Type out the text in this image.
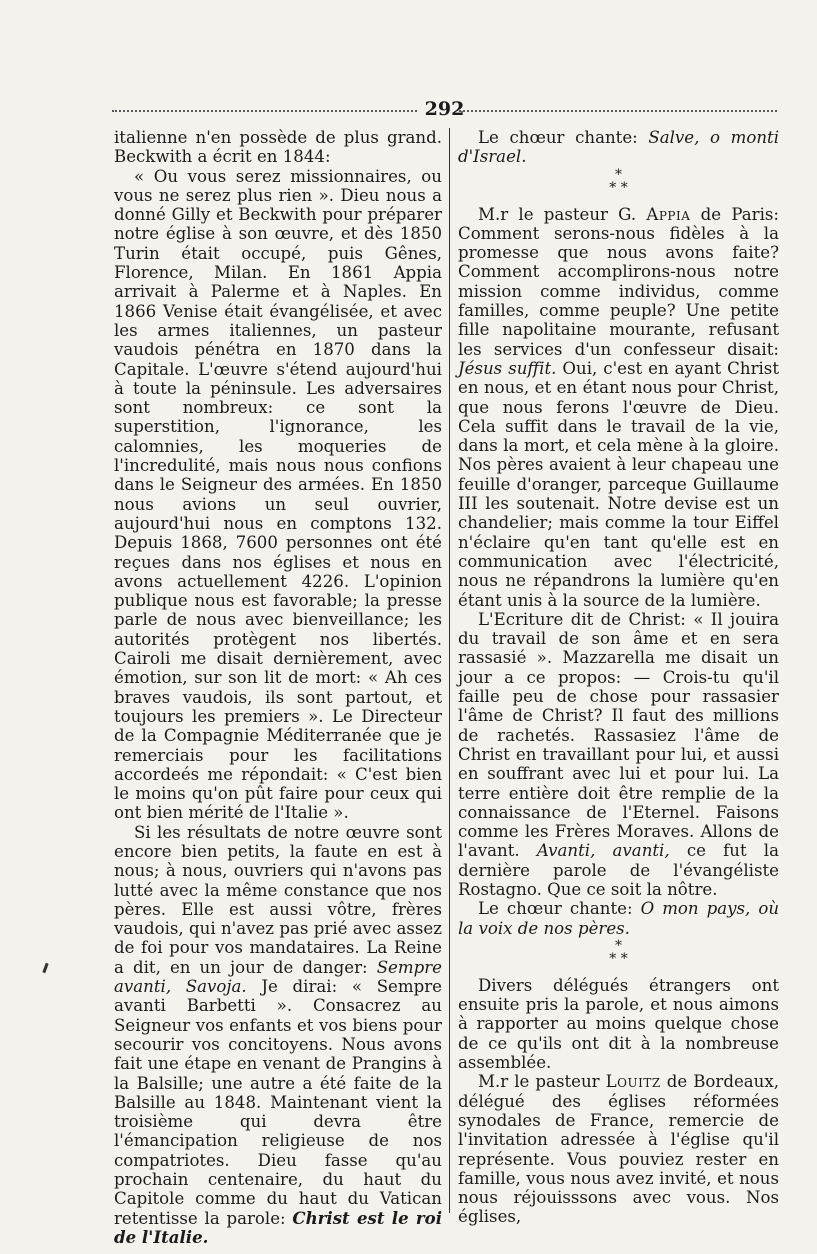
292

italienne n'en possède de plus grand. Beckwith a écrit en 1844:

« Ou vous serez missionnaires, ou vous ne serez plus rien ». Dieu nous a donné Gilly et Beckwith pour préparer notre église à son œuvre, et dès 1850 Turin était occupé, puis Gênes, Florence, Milan. En 1861 Appia arrivait à Palerme et à Naples. En 1866 Venise était évangélisée, et avec les armes italiennes, un pasteur vaudois pénétra en 1870 dans la Capitale. L'œuvre s'étend aujourd'hui à toute la péninsule. Les adversaires sont nombreux: ce sont la superstition, l'ignorance, les calomnies, les moqueries de l'incredulité, mais nous nous confions dans le Seigneur des armées. En 1850 nous avions un seul ouvrier, aujourd'hui nous en comptons 132. Depuis 1868, 7600 personnes ont été reçues dans nos églises et nous en avons actuellement 4226. L'opinion publique nous est favorable; la presse parle de nous avec bienveillance; les autorités protègent nos libertés. Cairoli me disait dernièrement, avec émotion, sur son lit de mort: « Ah ces braves vaudois, ils sont partout, et toujours les premiers ». Le Directeur de la Compagnie Méditerranée que je remerciais pour les facilitations accordeés me répondait: « C'est bien le moins qu'on pût faire pour ceux qui ont bien mérité de l'Italie ».

Si les résultats de notre œuvre sont encore bien petits, la faute en est à nous; à nous, ouvriers qui n'avons pas lutté avec la même constance que nos pères. Elle est aussi vôtre, frères vaudois, qui n'avez pas prié avec assez de foi pour vos mandataires. La Reine a dit, en un jour de danger: Sempre avanti, Savoja. Je dirai: « Sempre avanti Barbetti ». Consacrez au Seigneur vos enfants et vos biens pour secourir vos concitoyens. Nous avons fait une étape en venant de Prangins à la Balsille; une autre a été faite de la Balsille au 1848. Maintenant vient la troisième qui devra être l'émancipation religieuse de nos compatriotes. Dieu fasse qu'au prochain centenaire, du haut du Capitole comme du haut du Vatican retentisse la parole: Christ est le roi de l'Italie.

Le chœur chante: Salve, o monti d'Israel.

*
* *

M.r le pasteur G. Appia de Paris: Comment serons-nous fidèles à la promesse que nous avons faite? Comment accomplirons-nous notre mission comme individus, comme familles, comme peuple? Une petite fille napolitaine mourante, refusant les services d'un confesseur disait: Jésus suffit. Oui, c'est en ayant Christ en nous, et en étant nous pour Christ, que nous ferons l'œuvre de Dieu. Cela suffit dans le travail de la vie, dans la mort, et cela mène à la gloire. Nos pères avaient à leur chapeau une feuille d'oranger, parceque Guillaume III les soutenait. Notre devise est un chandelier; mais comme la tour Eiffel n'éclaire qu'en tant qu'elle est en communication avec l'électricité, nous ne répandrons la lumière qu'en étant unis à la source de la lumière.

L'Ecriture dit de Christ: « Il jouira du travail de son âme et en sera rassasié ». Mazzarella me disait un jour a ce propos: — Crois-tu qu'il faille peu de chose pour rassasier l'âme de Christ? Il faut des millions de rachetés. Rassasiez l'âme de Christ en travaillant pour lui, et aussi en souffrant avec lui et pour lui. La terre entière doit être remplie de la connaissance de l'Eternel. Faisons comme les Frères Moraves. Allons de l'avant. Avanti, avanti, ce fut la dernière parole de l'évangéliste Rostagno. Que ce soit la nôtre.

Le chœur chante: O mon pays, où la voix de nos pères.

*
* *

Divers délégués étrangers ont ensuite pris la parole, et nous aimons à rapporter au moins quelque chose de ce qu'ils ont dit à la nombreuse assemblée.

M.r le pasteur Louitz de Bordeaux, délégué des églises réformées synodales de France, remercie de l'invitation adressée à l'église qu'il représente. Vous pouviez rester en famille, vous nous avez invité, et nous nous réjouisssons avec vous. Nos églises,
